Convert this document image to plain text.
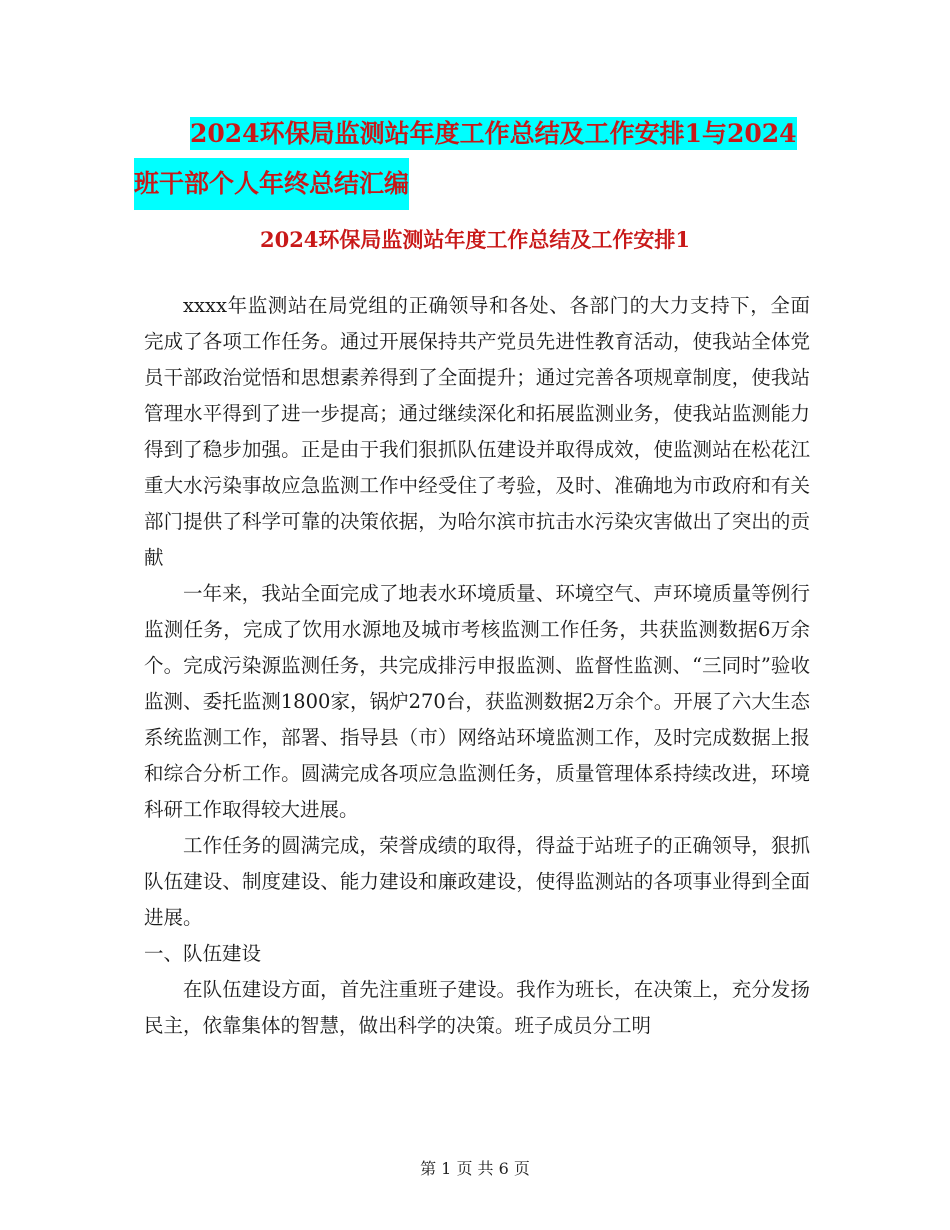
2024环保局监测站年度工作总结及工作安排1与2024
班干部个人年终总结汇编
2024环保局监测站年度工作总结及工作安排1

xxxx年监测站在局党组的正确领导和各处、各部门的大力支持下，全面完成了各项工作任务。通过开展保持共产党员先进性教育活动，使我站全体党员干部政治觉悟和思想素养得到了全面提升；通过完善各项规章制度，使我站管理水平得到了进一步提高；通过继续深化和拓展监测业务，使我站监测能力得到了稳步加强。正是由于我们狠抓队伍建设并取得成效，使监测站在松花江重大水污染事故应急监测工作中经受住了考验，及时、准确地为市政府和有关部门提供了科学可靠的决策依据，为哈尔滨市抗击水污染灾害做出了突出的贡献

一年来，我站全面完成了地表水环境质量、环境空气、声环境质量等例行监测任务，完成了饮用水源地及城市考核监测工作任务，共获监测数据6万余个。完成污染源监测任务，共完成排污申报监测、监督性监测、“三同时”验收监测、委托监测1800家，锅炉270台，获监测数据2万余个。开展了六大生态系统监测工作，部署、指导县（市）网络站环境监测工作，及时完成数据上报和综合分析工作。圆满完成各项应急监测任务，质量管理体系持续改进，环境科研工作取得较大进展。

工作任务的圆满完成，荣誉成绩的取得，得益于站班子的正确领导，狠抓队伍建设、制度建设、能力建设和廉政建设，使得监测站的各项事业得到全面进展。

一、队伍建设

在队伍建设方面，首先注重班子建设。我作为班长，在决策上，充分发扬民主，依靠集体的智慧，做出科学的决策。班子成员分工明

第 1 页 共 6 页
